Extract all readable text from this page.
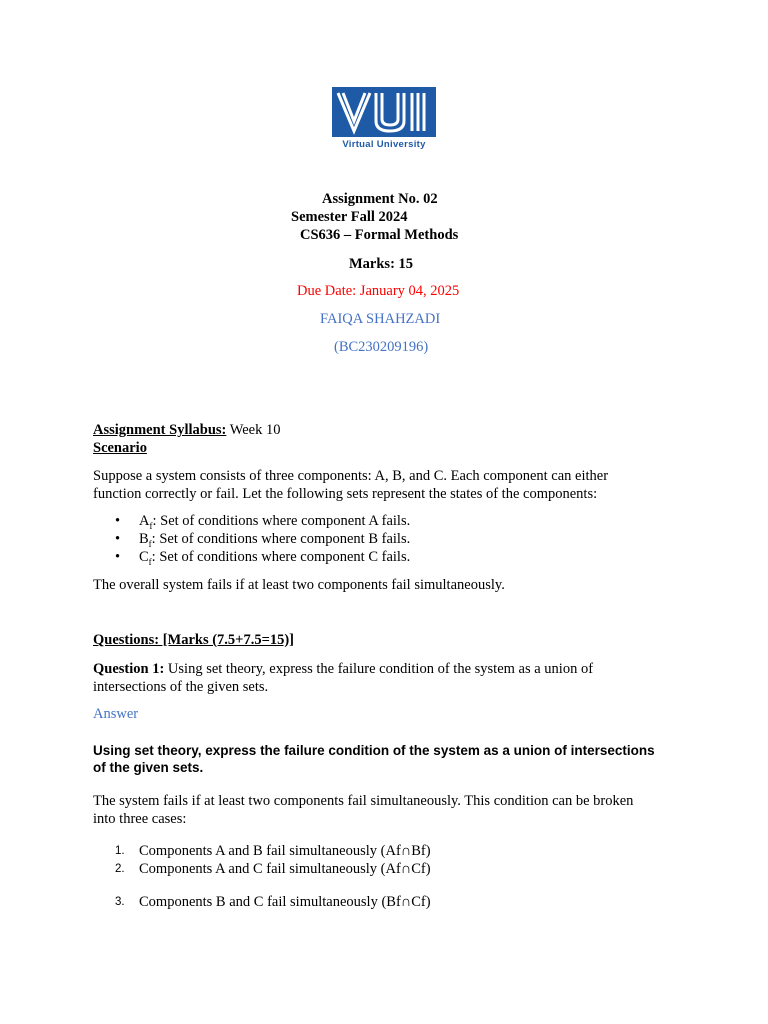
Virtual University
Assignment No. 02
Semester Fall 2024
CS636 – Formal Methods
Marks: 15
Due Date: January 04, 2025
FAIQA SHAHZADI
(BC230209196)
Assignment Syllabus: Week 10
Scenario
Suppose a system consists of three components: A, B, and C. Each component can either
function correctly or fail. Let the following sets represent the states of the components:
• $A_f$: Set of conditions where component A fails.
• $B_f$: Set of conditions where component B fails.
• $C_f$: Set of conditions where component C fails.
The overall system fails if at least two components fail simultaneously.
Questions: [Marks (7.5+7.5=15)]
Question 1: Using set theory, express the failure condition of the system as a union of
intersections of the given sets.
Answer
Using set theory, express the failure condition of the system as a union of intersections
of the given sets.
The system fails if at least two components fail simultaneously. This condition can be broken
into three cases:
1. Components A and B fail simultaneously (Af∩Bf)
2. Components A and C fail simultaneously (Af∩Cf)
3. Components B and C fail simultaneously (Bf∩Cf)
